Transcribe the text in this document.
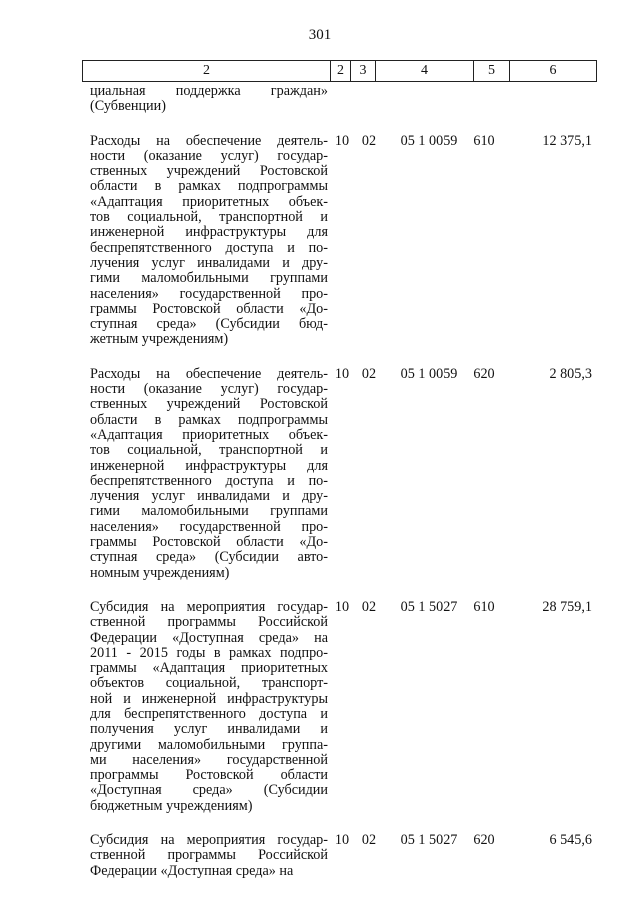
301
2	2	3	4	5	6
циальная поддержка граждан»
(Субвенции)
Расходы на обеспечение деятель-
ности (оказание услуг) государ-
ственных учреждений Ростовской
области в рамках подпрограммы
«Адаптация приоритетных объек-
тов социальной, транспортной и
инженерной инфраструктуры для
беспрепятственного доступа и по-
лучения услуг инвалидами и дру-
гими маломобильными группами
населения» государственной про-
граммы Ростовской области «До-
ступная среда» (Субсидии бюд-
жетным учреждениям)
10 02	05 1 0059	610	12 375,1
Расходы на обеспечение деятель-
ности (оказание услуг) государ-
ственных учреждений Ростовской
области в рамках подпрограммы
«Адаптация приоритетных объек-
тов социальной, транспортной и
инженерной инфраструктуры для
беспрепятственного доступа и по-
лучения услуг инвалидами и дру-
гими маломобильными группами
населения» государственной про-
граммы Ростовской области «До-
ступная среда» (Субсидии авто-
номным учреждениям)
10 02	05 1 0059	620	2 805,3
Субсидия на мероприятия государ-
ственной программы Российской
Федерации «Доступная среда» на
2011 - 2015 годы в рамках подпро-
граммы «Адаптация приоритетных
объектов социальной, транспорт-
ной и инженерной инфраструктуры
для беспрепятственного доступа и
получения услуг инвалидами и
другими маломобильными группа-
ми населения» государственной
программы Ростовской области
«Доступная среда» (Субсидии
бюджетным учреждениям)
10 02	05 1 5027	610	28 759,1
Субсидия на мероприятия государ-
ственной программы Российской
Федерации «Доступная среда» на
10 02	05 1 5027	620	6 545,6
